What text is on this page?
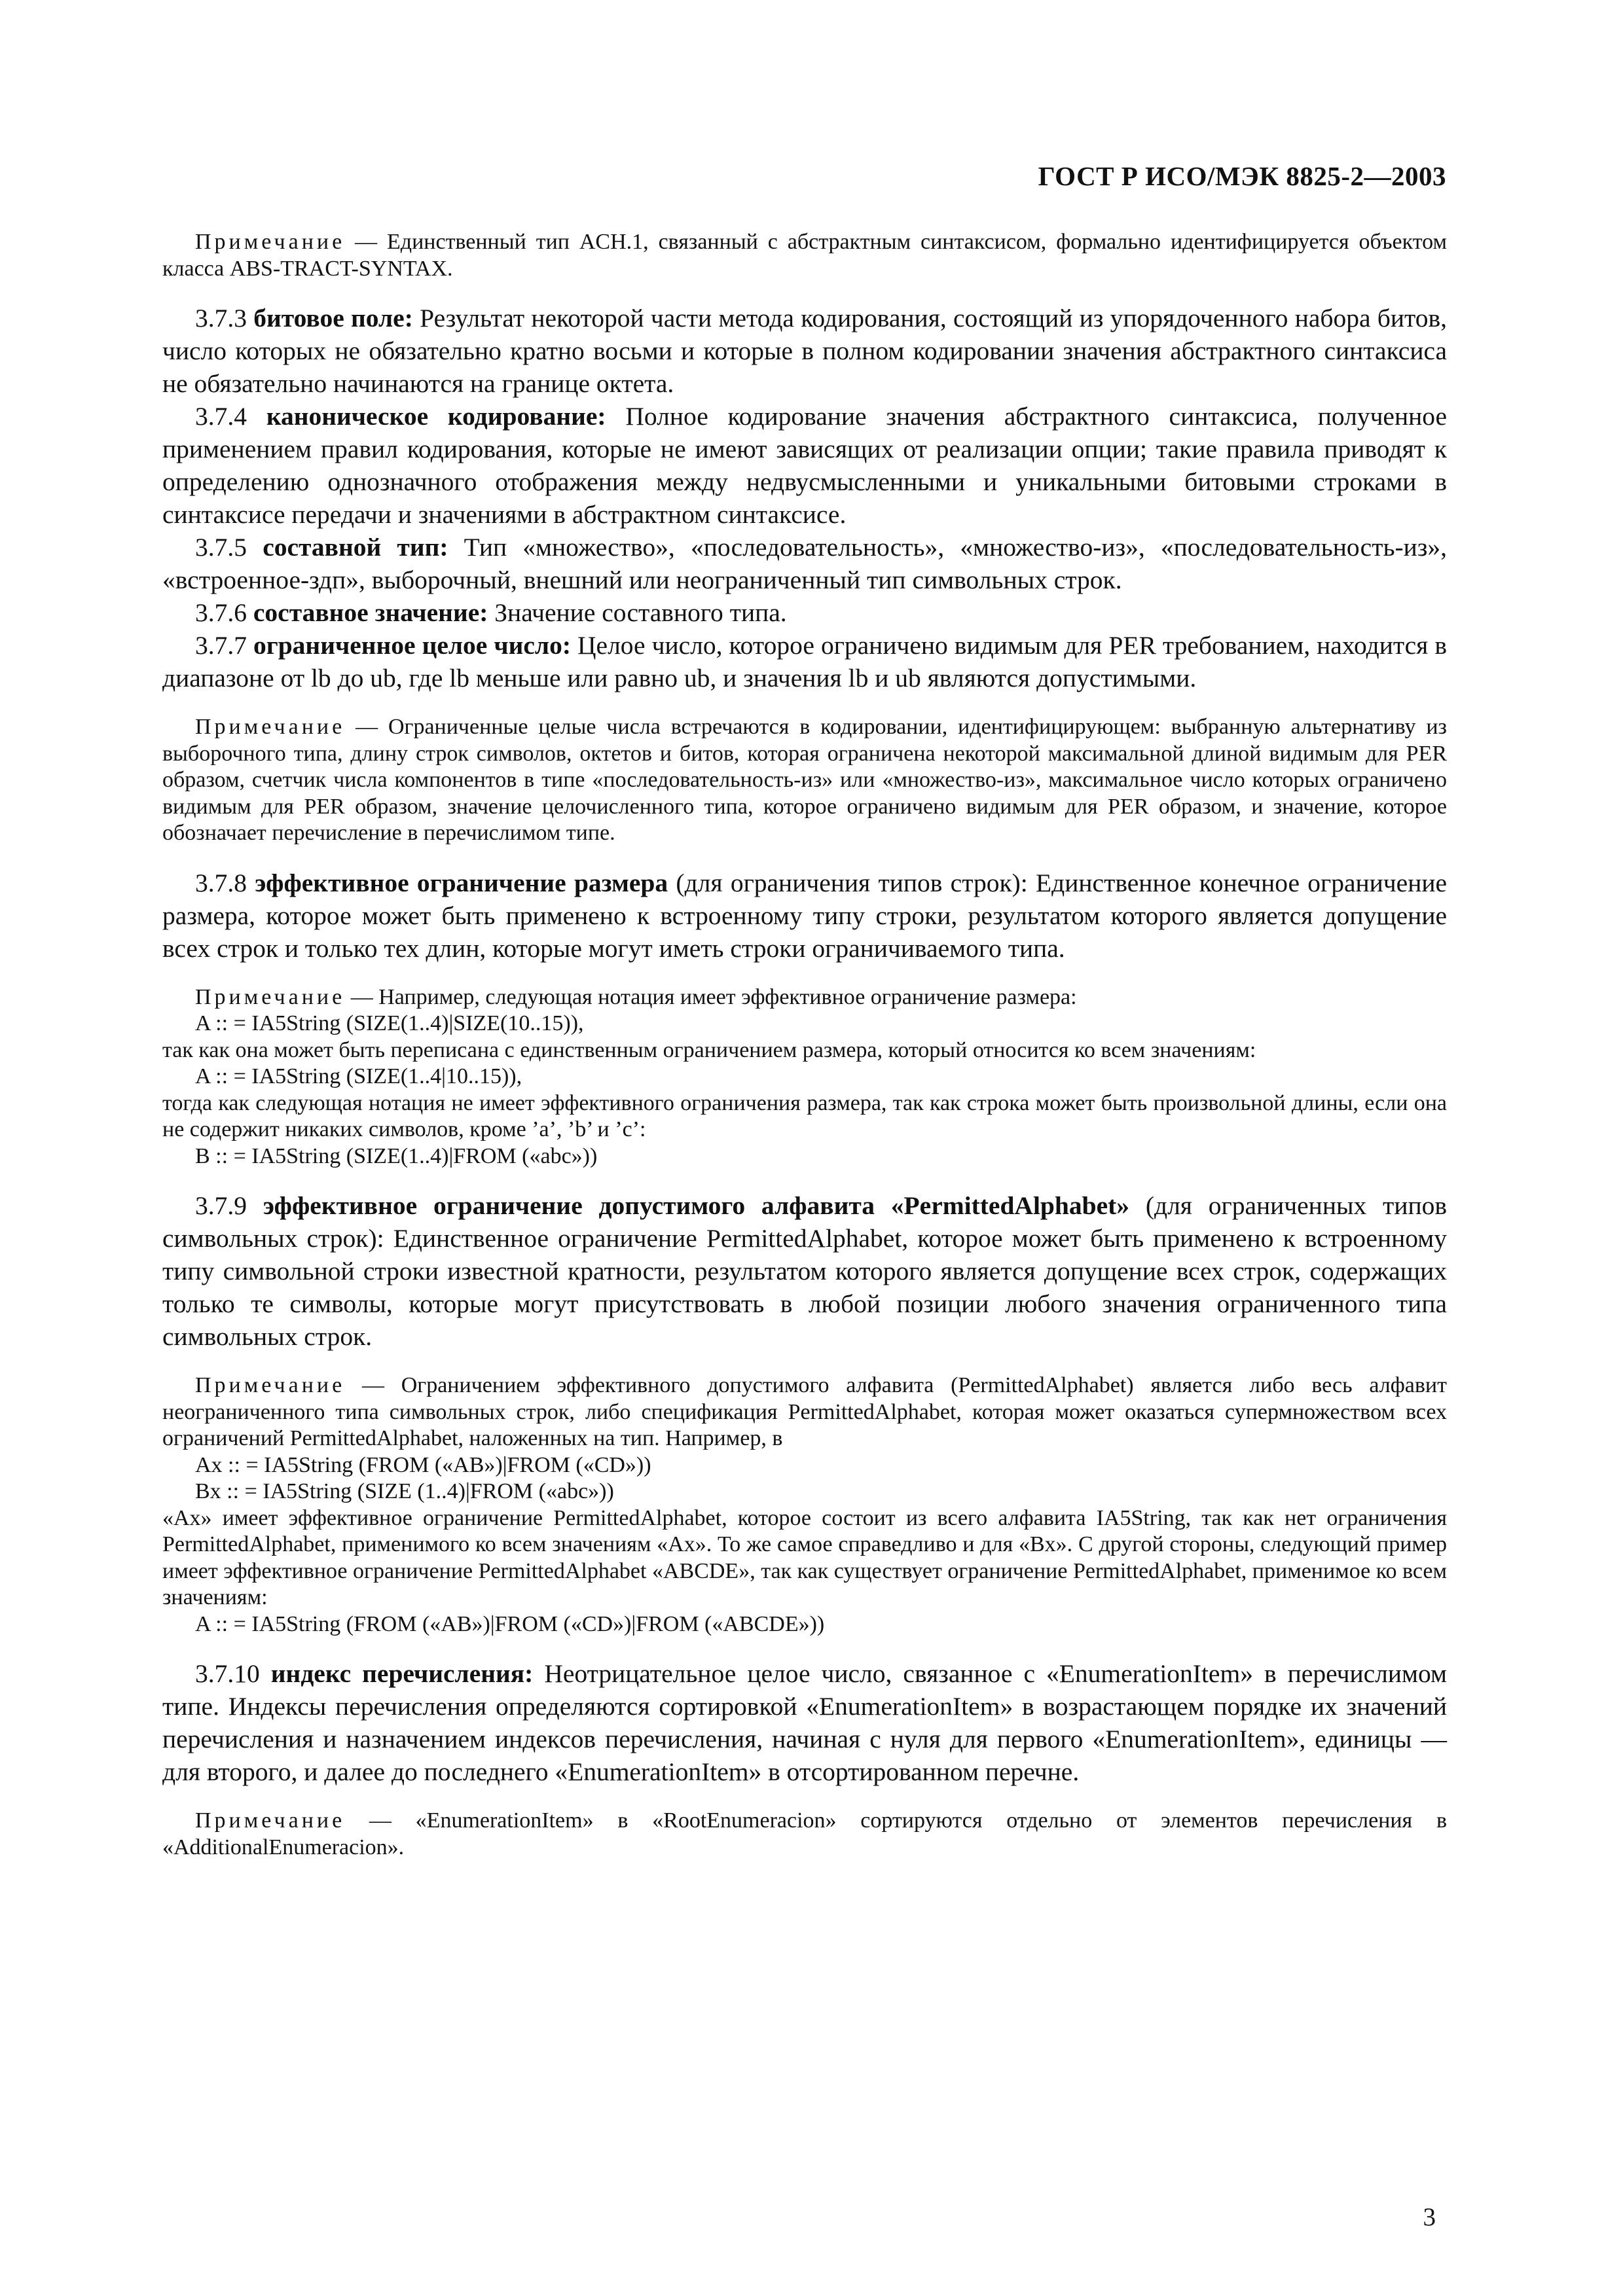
ГОСТ Р ИСО/МЭК 8825-2—2003

Примечание — Единственный тип ACH.1, связанный с абстрактным синтаксисом, формально идентифицируется объектом класса ABS-TRACT-SYNTAX.

3.7.3 битовое поле: Результат некоторой части метода кодирования, состоящий из упорядоченного набора битов, число которых не обязательно кратно восьми и которые в полном кодировании значения абстрактного синтаксиса не обязательно начинаются на границе октета.

3.7.4 каноническое кодирование: Полное кодирование значения абстрактного синтаксиса, полученное применением правил кодирования, которые не имеют зависящих от реализации опции; такие правила приводят к определению однозначного отображения между недвусмысленными и уникальными битовыми строками в синтаксисе передачи и значениями в абстрактном синтаксисе.

3.7.5 составной тип: Тип «множество», «последовательность», «множество-из», «последовательность-из», «встроенное-здп», выборочный, внешний или неограниченный тип символьных строк.

3.7.6 составное значение: Значение составного типа.

3.7.7 ограниченное целое число: Целое число, которое ограничено видимым для PER требованием, находится в диапазоне от lb до ub, где lb меньше или равно ub, и значения lb и ub являются допустимыми.

Примечание — Ограниченные целые числа встречаются в кодировании, идентифицирующем: выбранную альтернативу из выборочного типа, длину строк символов, октетов и битов, которая ограничена некоторой максимальной длиной видимым для PER образом, счетчик числа компонентов в типе «последовательность-из» или «множество-из», максимальное число которых ограничено видимым для PER образом, значение целочисленного типа, которое ограничено видимым для PER образом, и значение, которое обозначает перечисление в перечислимом типе.

3.7.8 эффективное ограничение размера (для ограничения типов строк): Единственное конечное ограничение размера, которое может быть применено к встроенному типу строки, результатом которого является допущение всех строк и только тех длин, которые могут иметь строки ограничиваемого типа.

Примечание — Например, следующая нотация имеет эффективное ограничение размера:

A :: = IA5String (SIZE(1..4)|SIZE(10..15)),
так как она может быть переписана с единственным ограничением размера, который относится ко всем значениям:
A :: = IA5String (SIZE(1..4|10..15)),
тогда как следующая нотация не имеет эффективного ограничения размера, так как строка может быть произвольной длины, если она не содержит никаких символов, кроме ’a’, ’b’ и ’c’:
B :: = IA5String (SIZE(1..4)|FROM («abc»))

3.7.9 эффективное ограничение допустимого алфавита «PermittedAlphabet» (для ограниченных типов символьных строк): Единственное ограничение PermittedAlphabet, которое может быть применено к встроенному типу символьной строки известной кратности, результатом которого является допущение всех строк, содержащих только те символы, которые могут присутствовать в любой позиции любого значения ограниченного типа символьных строк.

Примечание — Ограничением эффективного допустимого алфавита (PermittedAlphabet) является либо весь алфавит неограниченного типа символьных строк, либо спецификация PermittedAlphabet, которая может оказаться супермножеством всех ограничений PermittedAlphabet, наложенных на тип. Например, в

Ax :: = IA5String (FROM («AB»)|FROM («CD»))
Bx :: = IA5String (SIZE (1..4)|FROM («abc»))
«Ax» имеет эффективное ограничение PermittedAlphabet, которое состоит из всего алфавита IA5String, так как нет ограничения PermittedAlphabet, применимого ко всем значениям «Ax». То же самое справедливо и для «Bx». С другой стороны, следующий пример имеет эффективное ограничение PermittedAlphabet «ABCDE», так как существует ограничение PermittedAlphabet, применимое ко всем значениям:
A :: = IA5String (FROM («AB»)|FROM («CD»)|FROM («ABCDE»))

3.7.10 индекс перечисления: Неотрицательное целое число, связанное с «EnumerationItem» в перечислимом типе. Индексы перечисления определяются сортировкой «EnumerationItem» в возрастающем порядке их значений перечисления и назначением индексов перечисления, начиная с нуля для первого «EnumerationItem», единицы — для второго, и далее до последнего «EnumerationItem» в отсортированном перечне.

Примечание — «EnumerationItem» в «RootEnumeracion» сортируются отдельно от элементов перечисления в «AdditionalEnumeracion».

3
